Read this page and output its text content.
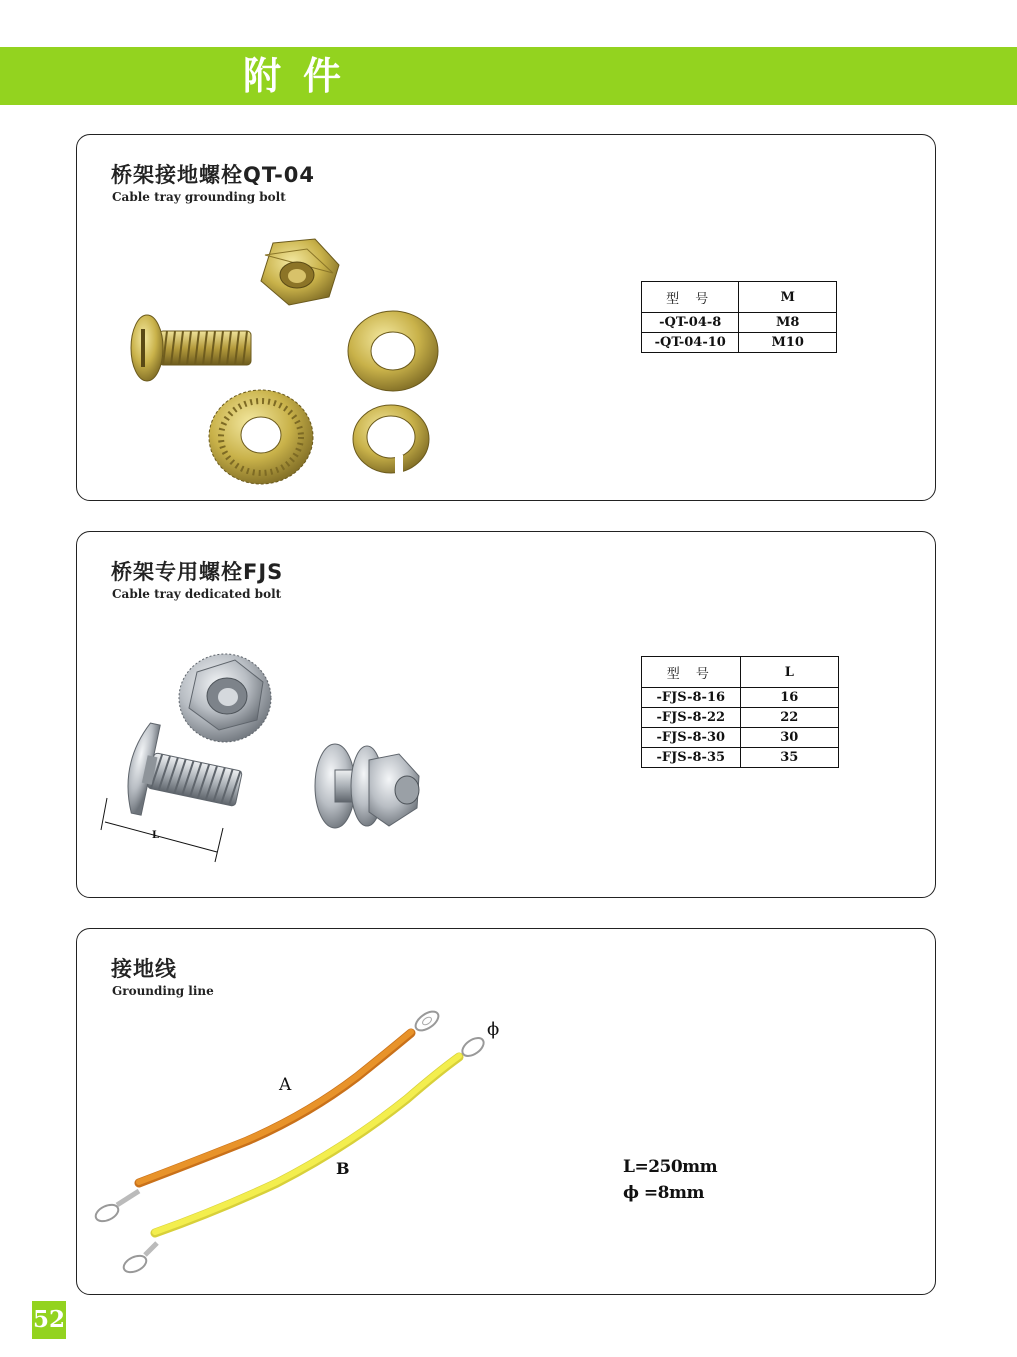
附件
桥架接地螺栓QT-04
Cable tray grounding bolt
型 号	M
-QT-04-8	M8
-QT-04-10	M10
桥架专用螺栓FJS
Cable tray dedicated bolt
L
型 号	L
-FJS-8-16	16
-FJS-8-22	22
-FJS-8-30	30
-FJS-8-35	35
接地线
Grounding line
A
B
ϕ
L=250mm
ϕ =8mm
52
